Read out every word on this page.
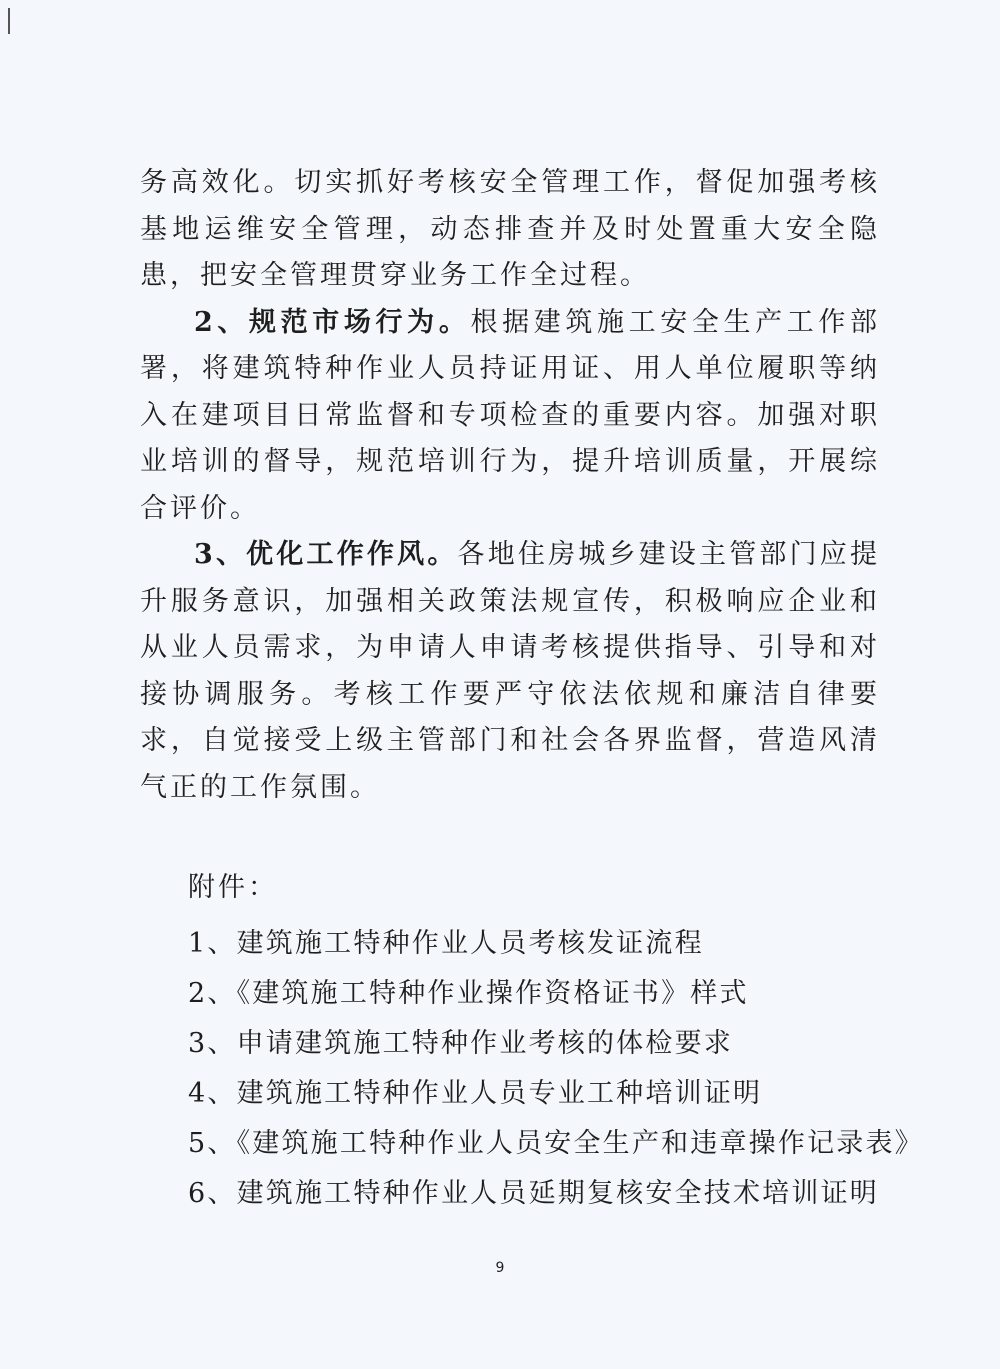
务高效化。切实抓好考核安全管理工作，督促加强考核基地运维安全管理，动态排查并及时处置重大安全隐患，把安全管理贯穿业务工作全过程。

2、规范市场行为。根据建筑施工安全生产工作部署，将建筑特种作业人员持证用证、用人单位履职等纳入在建项目日常监督和专项检查的重要内容。加强对职业培训的督导，规范培训行为，提升培训质量，开展综合评价。

3、优化工作作风。各地住房城乡建设主管部门应提升服务意识，加强相关政策法规宣传，积极响应企业和从业人员需求，为申请人申请考核提供指导、引导和对接协调服务。考核工作要严守依法依规和廉洁自律要求，自觉接受上级主管部门和社会各界监督，营造风清气正的工作氛围。

附件：

1、建筑施工特种作业人员考核发证流程
2、《建筑施工特种作业操作资格证书》样式
3、申请建筑施工特种作业考核的体检要求
4、建筑施工特种作业人员专业工种培训证明
5、《建筑施工特种作业人员安全生产和违章操作记录表》
6、建筑施工特种作业人员延期复核安全技术培训证明
9
